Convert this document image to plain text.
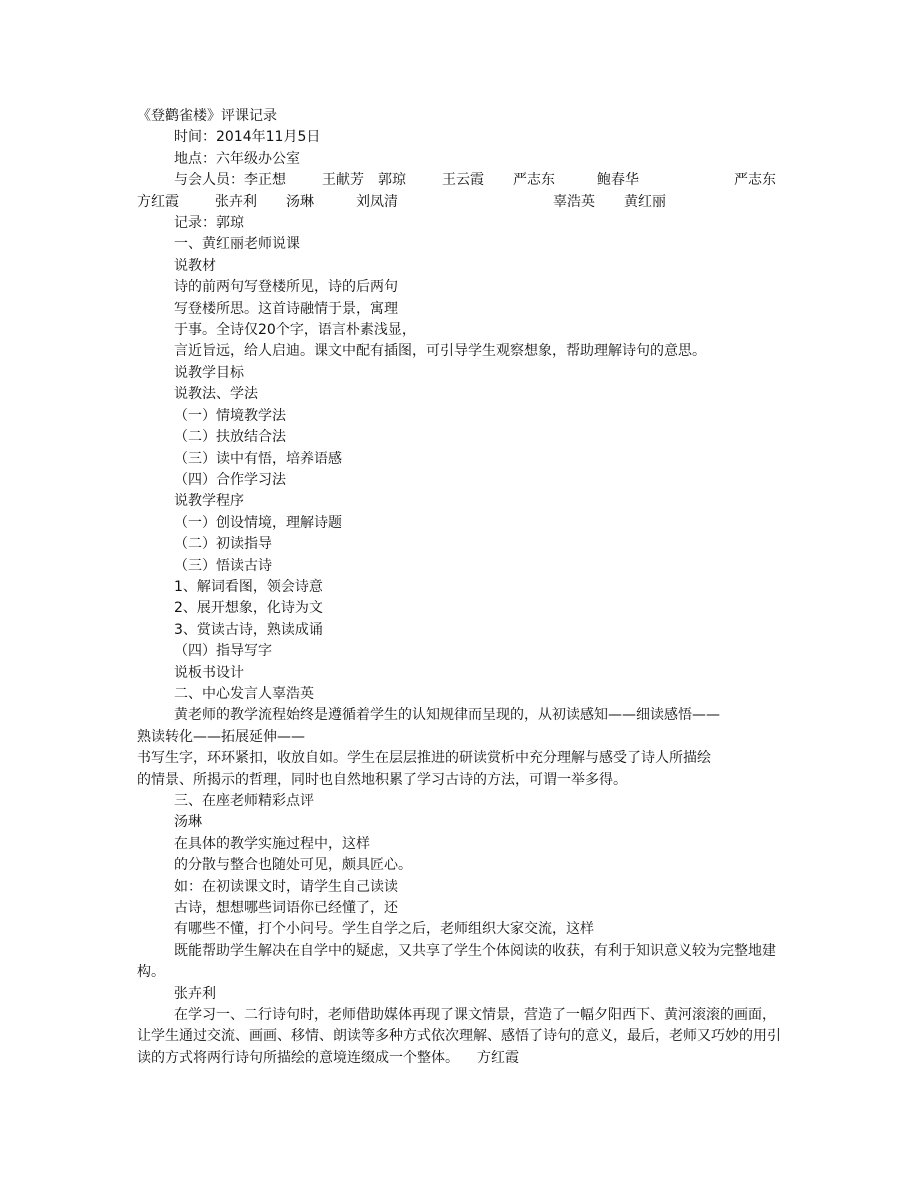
《登鹳雀楼》评课记录

时间：2014年11月5日

地点：六年级办公室

与会人员：李正想	王献芳 郭琼	王云霞 严志东	鲍春华	严志东

方红霞	张卉利 汤琳	刘凤清	辜浩英 黄红丽

记录：郭琼

一、黄红丽老师说课

说教材

诗的前两句写登楼所见，诗的后两句

写登楼所思。这首诗融情于景，寓理

于事。全诗仅20个字，语言朴素浅显，

言近旨远，给人启迪。课文中配有插图，可引导学生观察想象，帮助理解诗句的意思。

说教学目标

说教法、学法

（一）情境教学法

（二）扶放结合法

（三）读中有悟，培养语感

（四）合作学习法

说教学程序

（一）创设情境，理解诗题

（二）初读指导

（三）悟读古诗

1、解词看图，领会诗意

2、展开想象，化诗为文

3、赏读古诗，熟读成诵

（四）指导写字

说板书设计

二、中心发言人辜浩英

黄老师的教学流程始终是遵循着学生的认知规律而呈现的，从初读感知——细读感悟——

熟读转化——拓展延伸——

书写生字，环环紧扣，收放自如。学生在层层推进的研读赏析中充分理解与感受了诗人所描绘

的情景、所揭示的哲理，同时也自然地积累了学习古诗的方法，可谓一举多得。

三、在座老师精彩点评

汤琳

在具体的教学实施过程中，这样

的分散与整合也随处可见，颇具匠心。

如：在初读课文时，请学生自己读读

古诗，想想哪些词语你已经懂了，还

有哪些不懂，打个小问号。学生自学之后，老师组织大家交流，这样

既能帮助学生解决在自学中的疑虑，又共享了学生个体阅读的收获，有利于知识意义较为完整地建构。

张卉利

在学习一、二行诗句时，老师借助媒体再现了课文情景，营造了一幅夕阳西下、黄河滚滚的画面，让学生通过交流、画画、移情、朗读等多种方式依次理解、感悟了诗句的意义，最后，老师又巧妙的用引读的方式将两行诗句所描绘的意境连缀成一个整体。 方红霞
